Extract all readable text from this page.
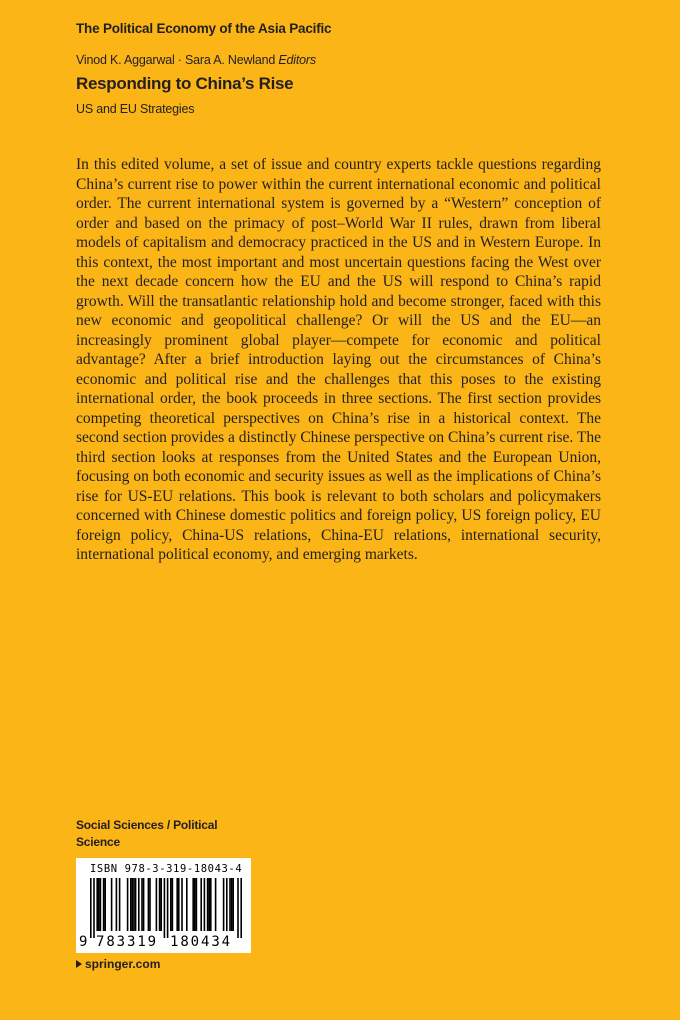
The Political Economy of the Asia Pacific
Vinod K. Aggarwal · Sara A. Newland Editors
Responding to China’s Rise
US and EU Strategies

In this edited volume, a set of issue and country experts tackle questions regarding China’s current rise to power within the current international economic and political order. The current international system is governed by a “Western” conception of order and based on the primacy of post–World War II rules, drawn from liberal models of capitalism and democracy practiced in the US and in Western Europe. In this context, the most important and most uncertain questions facing the West over the next decade concern how the EU and the US will respond to China’s rapid growth. Will the transatlantic relationship hold and become stronger, faced with this new economic and geopolitical challenge? Or will the US and the EU—an increasingly prominent global player—compete for economic and political advantage? After a brief introduction laying out the circumstances of China’s economic and political rise and the challenges that this poses to the existing international order, the book proceeds in three sections. The first section provides competing theoretical perspectives on China’s rise in a historical context. The second section provides a distinctly Chinese perspective on China’s current rise. The third section looks at responses from the United States and the European Union, focusing on both economic and security issues as well as the implications of China’s rise for US-EU relations. This book is relevant to both scholars and policymakers concerned with Chinese domestic politics and foreign policy, US foreign policy, EU foreign policy, China-US relations, China-EU relations, international security, international political economy, and emerging markets.

Social Sciences / Political Science
ISBN 978-3-319-18043-4
9 783319 180434
springer.com
